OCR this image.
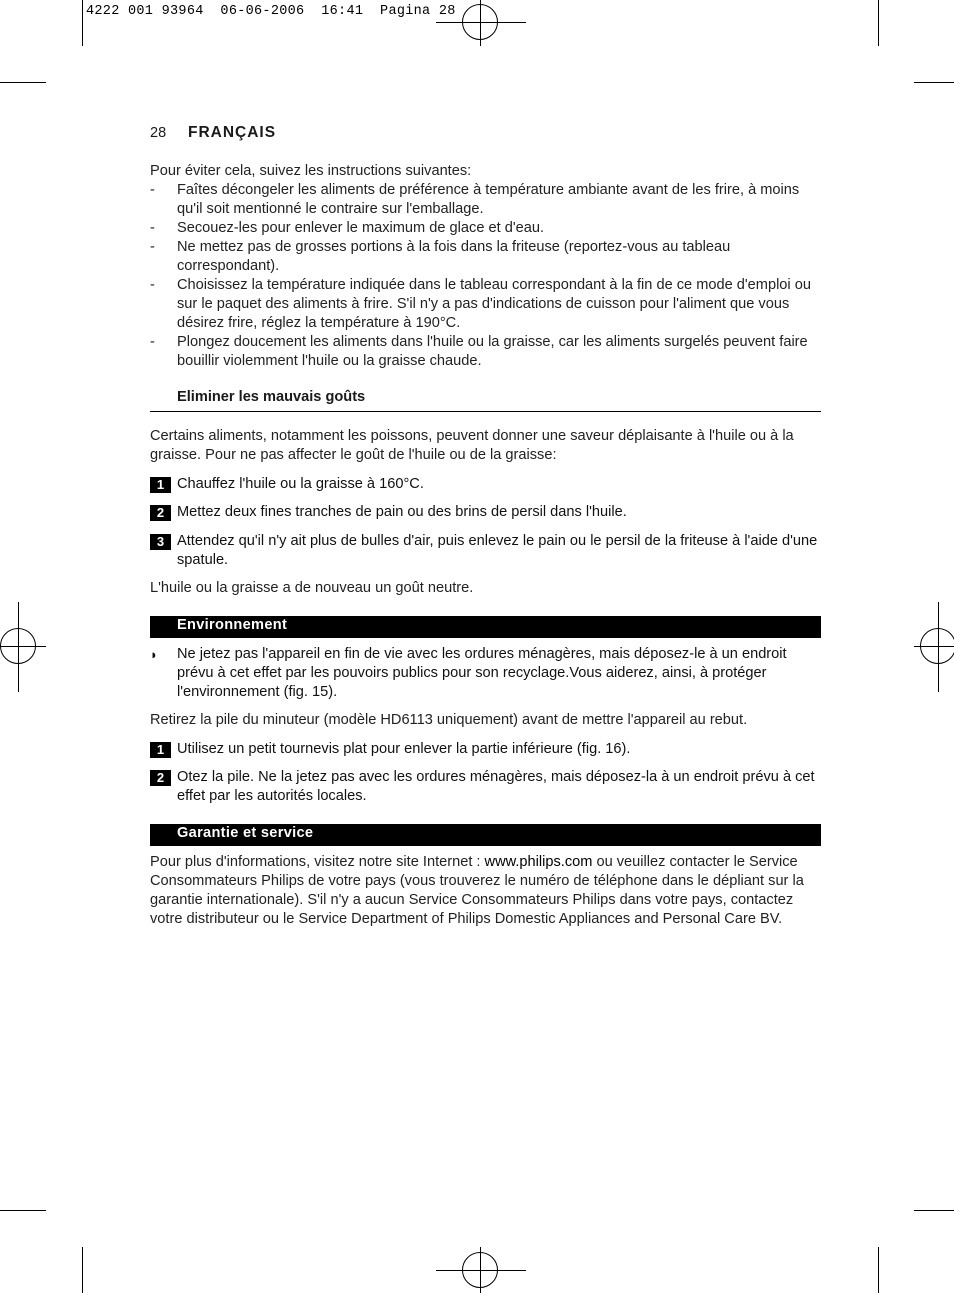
4222 001 93964  06-06-2006  16:41  Pagina 28
28 FRANÇAIS
Pour éviter cela, suivez les instructions suivantes:
- Faîtes décongeler les aliments de préférence à température ambiante avant de les frire, à moins qu'il soit mentionné le contraire sur l'emballage.
- Secouez-les pour enlever le maximum de glace et d'eau.
- Ne mettez pas de grosses portions à la fois dans la friteuse (reportez-vous au tableau correspondant).
- Choisissez la température indiquée dans le tableau correspondant à la fin de ce mode d'emploi ou sur le paquet des aliments à frire. S'il n'y a pas d'indications de cuisson pour l'aliment que vous désirez frire, réglez la température à 190°C.
- Plongez doucement les aliments dans l'huile ou la graisse, car les aliments surgelés peuvent faire bouillir violemment l'huile ou la graisse chaude.
Eliminer les mauvais goûts
Certains aliments, notamment les poissons, peuvent donner une saveur déplaisante à l'huile ou à la graisse. Pour ne pas affecter le goût de l'huile ou de la graisse:
1 Chauffez l'huile ou la graisse à 160°C.
2 Mettez deux fines tranches de pain ou des brins de persil dans l'huile.
3 Attendez qu'il n'y ait plus de bulles d'air, puis enlevez le pain ou le persil de la friteuse à l'aide d'une spatule.
L'huile ou la graisse a de nouveau un goût neutre.
Environnement
◗ Ne jetez pas l'appareil en fin de vie avec les ordures ménagères, mais déposez-le à un endroit prévu à cet effet par les pouvoirs publics pour son recyclage.Vous aiderez, ainsi, à protéger l'environnement (fig. 15).
Retirez la pile du minuteur (modèle HD6113 uniquement) avant de mettre l'appareil au rebut.
1 Utilisez un petit tournevis plat pour enlever la partie inférieure (fig. 16).
2 Otez la pile. Ne la jetez pas avec les ordures ménagères, mais déposez-la à un endroit prévu à cet effet par les autorités locales.
Garantie et service
Pour plus d'informations, visitez notre site Internet : www.philips.com ou veuillez contacter le Service Consommateurs Philips de votre pays (vous trouverez le numéro de téléphone dans le dépliant sur la garantie internationale). S'il n'y a aucun Service Consommateurs Philips dans votre pays, contactez votre distributeur ou le Service Department of Philips Domestic Appliances and Personal Care BV.
